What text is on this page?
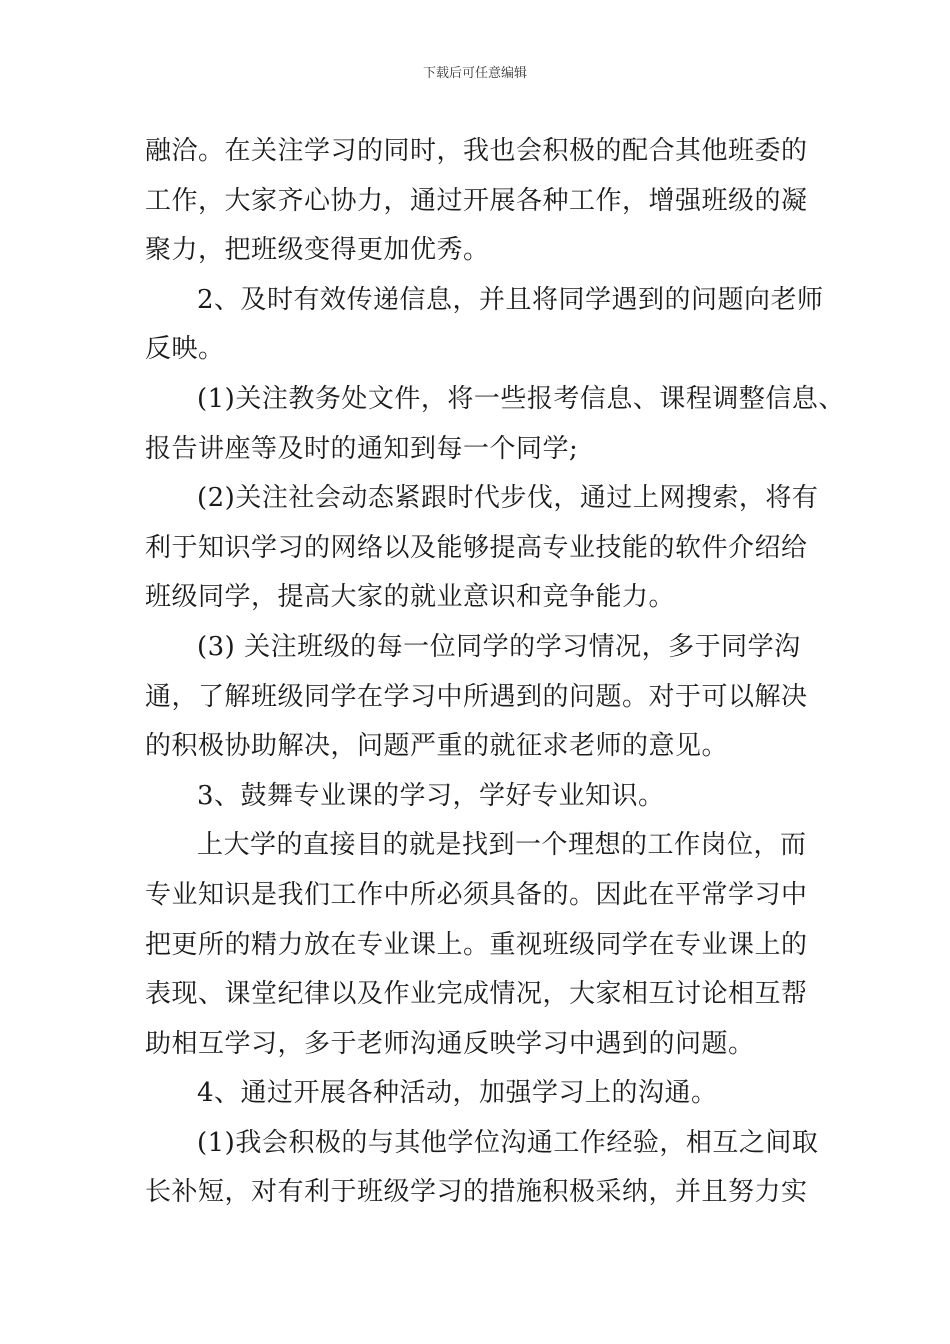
下载后可任意编辑
融洽。在关注学习的同时，我也会积极的配合其他班委的
工作，大家齐心协力，通过开展各种工作，增强班级的凝
聚力，把班级变得更加优秀。
2、及时有效传递信息，并且将同学遇到的问题向老师
反映。
(1)关注教务处文件，将一些报考信息、课程调整信息、
报告讲座等及时的通知到每一个同学;
(2)关注社会动态紧跟时代步伐，通过上网搜索，将有
利于知识学习的网络以及能够提高专业技能的软件介绍给
班级同学，提高大家的就业意识和竞争能力。
(3) 关注班级的每一位同学的学习情况，多于同学沟
通，了解班级同学在学习中所遇到的问题。对于可以解决
的积极协助解决，问题严重的就征求老师的意见。
3、鼓舞专业课的学习，学好专业知识。
上大学的直接目的就是找到一个理想的工作岗位，而
专业知识是我们工作中所必须具备的。因此在平常学习中
把更所的精力放在专业课上。重视班级同学在专业课上的
表现、课堂纪律以及作业完成情况，大家相互讨论相互帮
助相互学习，多于老师沟通反映学习中遇到的问题。
4、通过开展各种活动，加强学习上的沟通。
(1)我会积极的与其他学位沟通工作经验，相互之间取
长补短，对有利于班级学习的措施积极采纳，并且努力实
